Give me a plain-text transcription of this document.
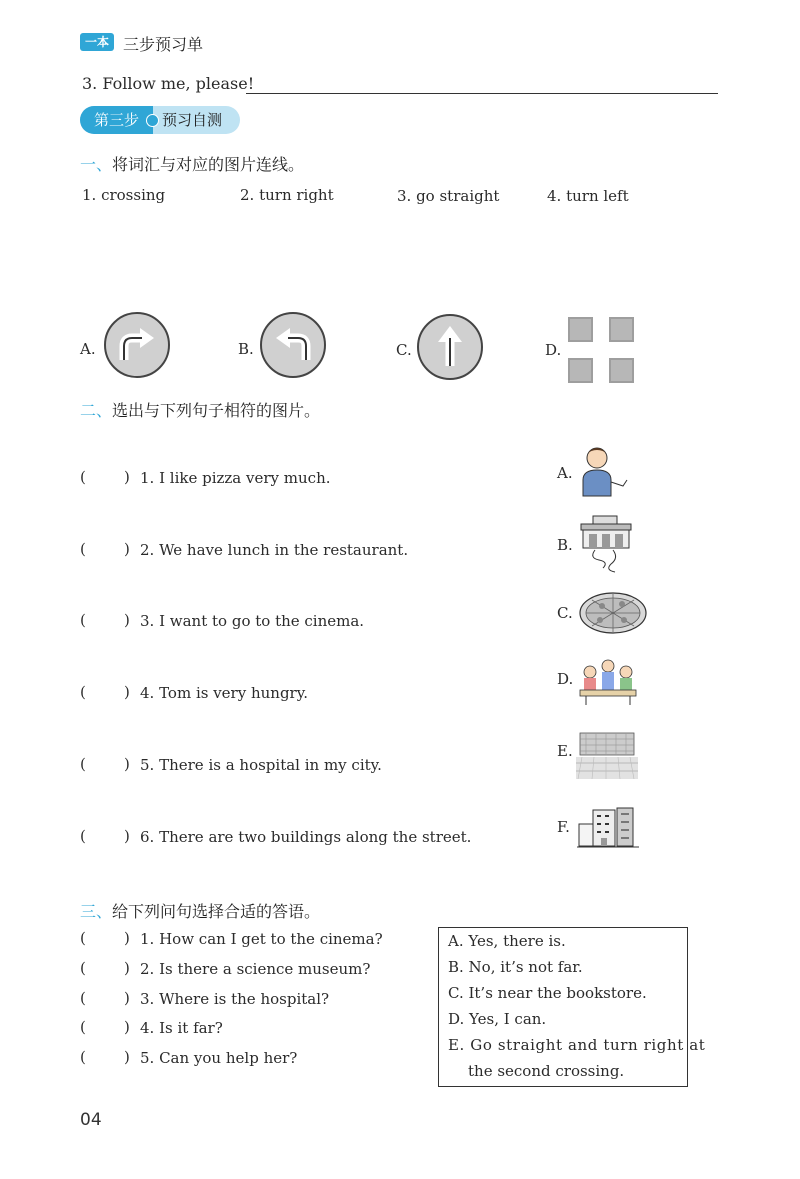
一本 三步预习单
3. Follow me, please!
第三步	预习自测
一、将词汇与对应的图片连线。
1. crossing	2. turn right	3. go straight	4. turn left
A.	B.	C.	D.
二、选出与下列句子相符的图片。
(	) 1. I like pizza very much.
(	) 2. We have lunch in the restaurant.
(	) 3. I want to go to the cinema.
(	) 4. Tom is very hungry.
(	) 5. There is a hospital in my city.
(	) 6. There are two buildings along the street.
A.
B.
C.
D.
E.
F.
三、给下列问句选择合适的答语。
(	) 1. How can I get to the cinema?
(	) 2. Is there a science museum?
(	) 3. Where is the hospital?
(	) 4. Is it far?
(	) 5. Can you help her?
A. Yes, there is.
B. No, it’s not far.
C. It’s near the bookstore.
D. Yes, I can.
E. Go straight and turn right at
the second crossing.
04
